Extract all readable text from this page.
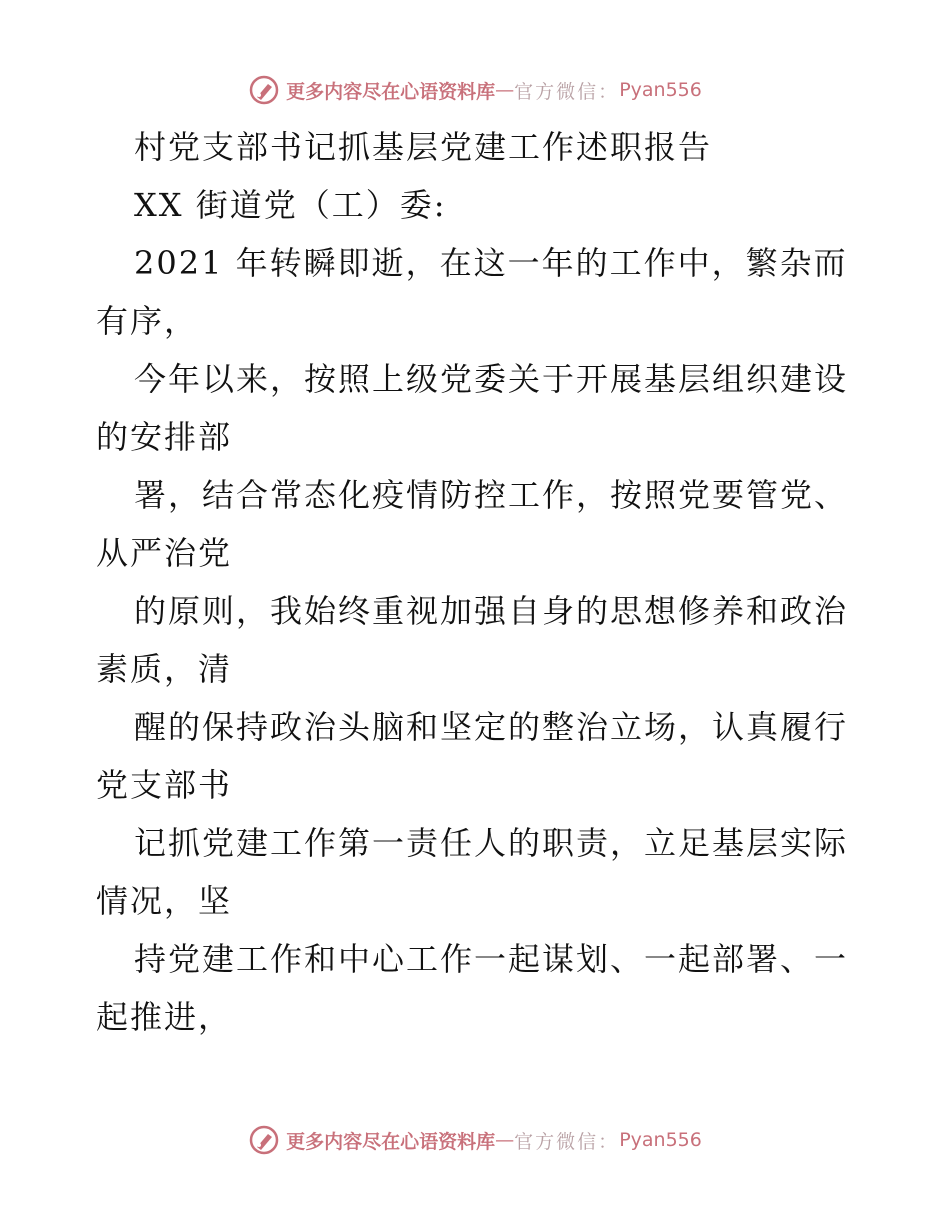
更多内容尽在心语资料库 — 官方微信： Pyan556
村党支部书记抓基层党建工作述职报告
XX 街道党（工）委:
2021 年转瞬即逝，在这一年的工作中，繁杂而
有序，
今年以来，按照上级党委关于开展基层组织建设
的安排部
署，结合常态化疫情防控工作，按照党要管党、
从严治党
的原则，我始终重视加强自身的思想修养和政治
素质，清
醒的保持政治头脑和坚定的整治立场，认真履行
党支部书
记抓党建工作第一责任人的职责，立足基层实际
情况，坚
持党建工作和中心工作一起谋划、一起部署、一
起推进，
更多内容尽在心语资料库 — 官方微信： Pyan556
